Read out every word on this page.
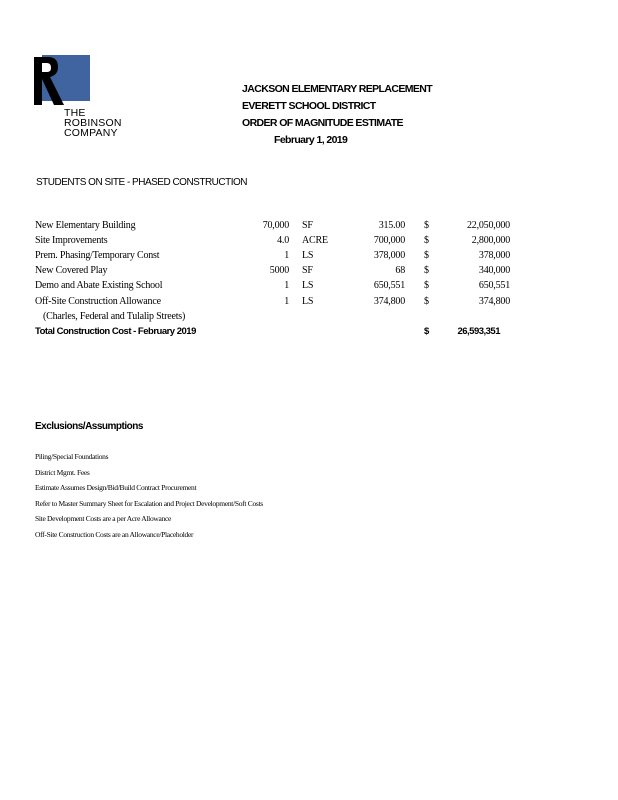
THE
ROBINSON
COMPANY
JACKSON ELEMENTARY REPLACEMENT
EVERETT SCHOOL DISTRICT
ORDER OF MAGNITUDE ESTIMATE
February 1, 2019
STUDENTS ON SITE - PHASED CONSTRUCTION
New Elementary Building	70,000 SF	315.00 $	22,050,000
Site Improvements	4.0 ACRE	700,000 $	2,800,000
Prem. Phasing/Temporary Const	1 LS	378,000 $	378,000
New Covered Play	5000 SF	68 $	340,000
Demo and Abate Existing School	1 LS	650,551 $	650,551
Off-Site Construction Allowance	1 LS	374,800 $	374,800
(Charles, Federal and Tulalip Streets)
Total Construction Cost - February 2019	$	26,593,351
Exclusions/Assumptions
Piling/Special Foundations
District Mgmt. Fees
Estimate Assumes Design/Bid/Build Contract Procurement
Refer to Master Summary Sheet for Escalation and Project Development/Soft Costs
Site Development Costs are a per Acre Allowance
Off-Site Construction Costs are an Allowance/Placeholder
